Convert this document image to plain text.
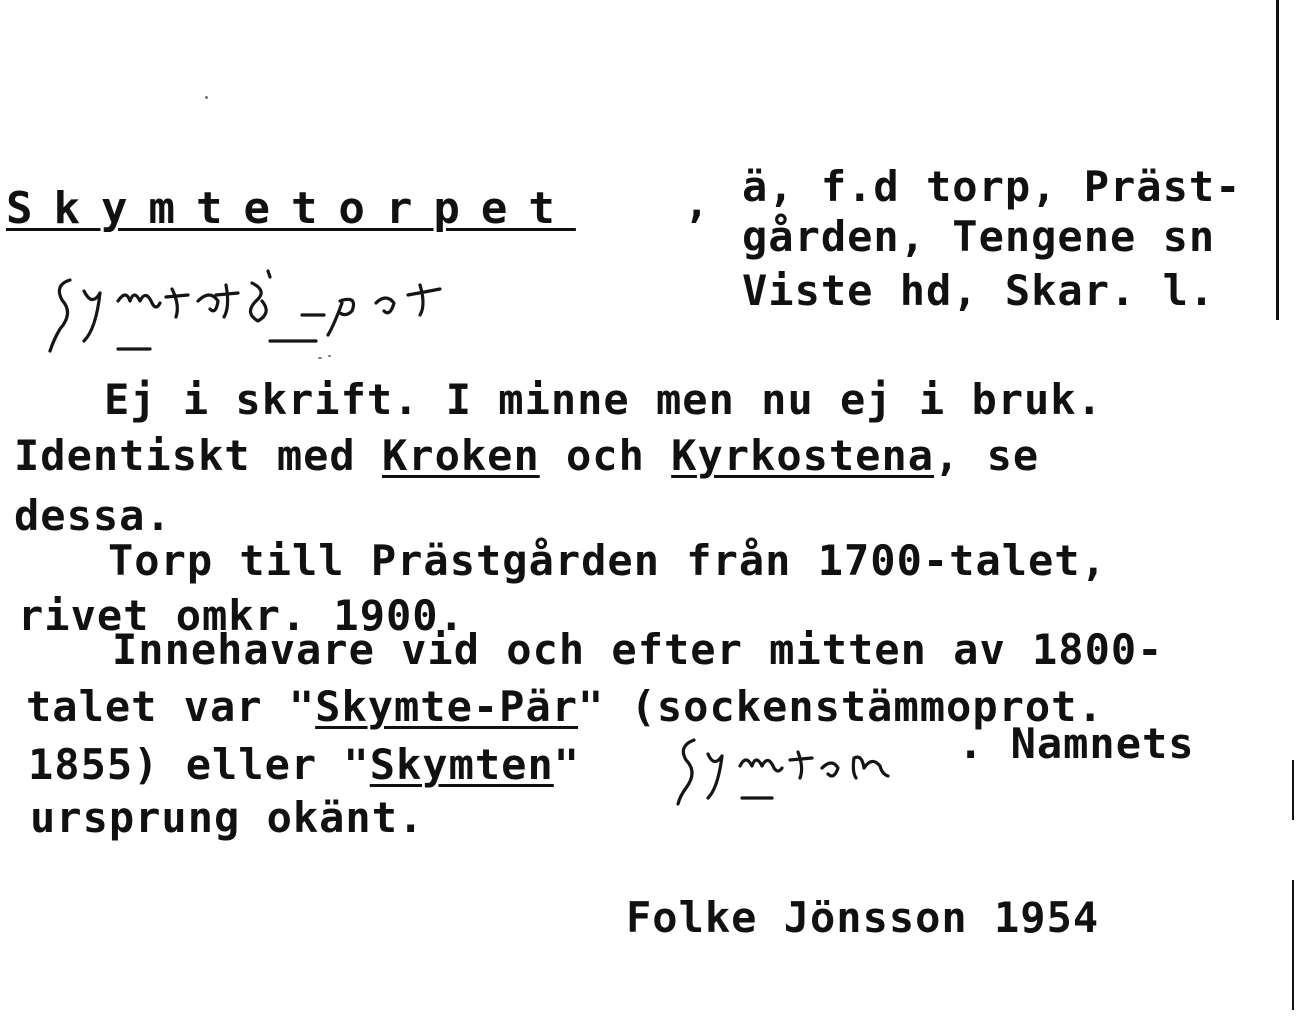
Skymtetorpet	, ä, f.d torp, Präst-
gården, Tengene sn
Viste hd, Skar. l.
Ej i skrift. I minne men nu ej i bruk.
Identiskt med Kroken och Kyrkostena, se
dessa.
Torp till Prästgården från 1700-talet,
rivet omkr. 1900.
Innehavare vid och efter mitten av 1800-
talet var "Skymte-Pär" (sockenstämmoprot.
1855) eller "Skymten"	. Namnets
ursprung okänt.
Folke Jönsson 1954
